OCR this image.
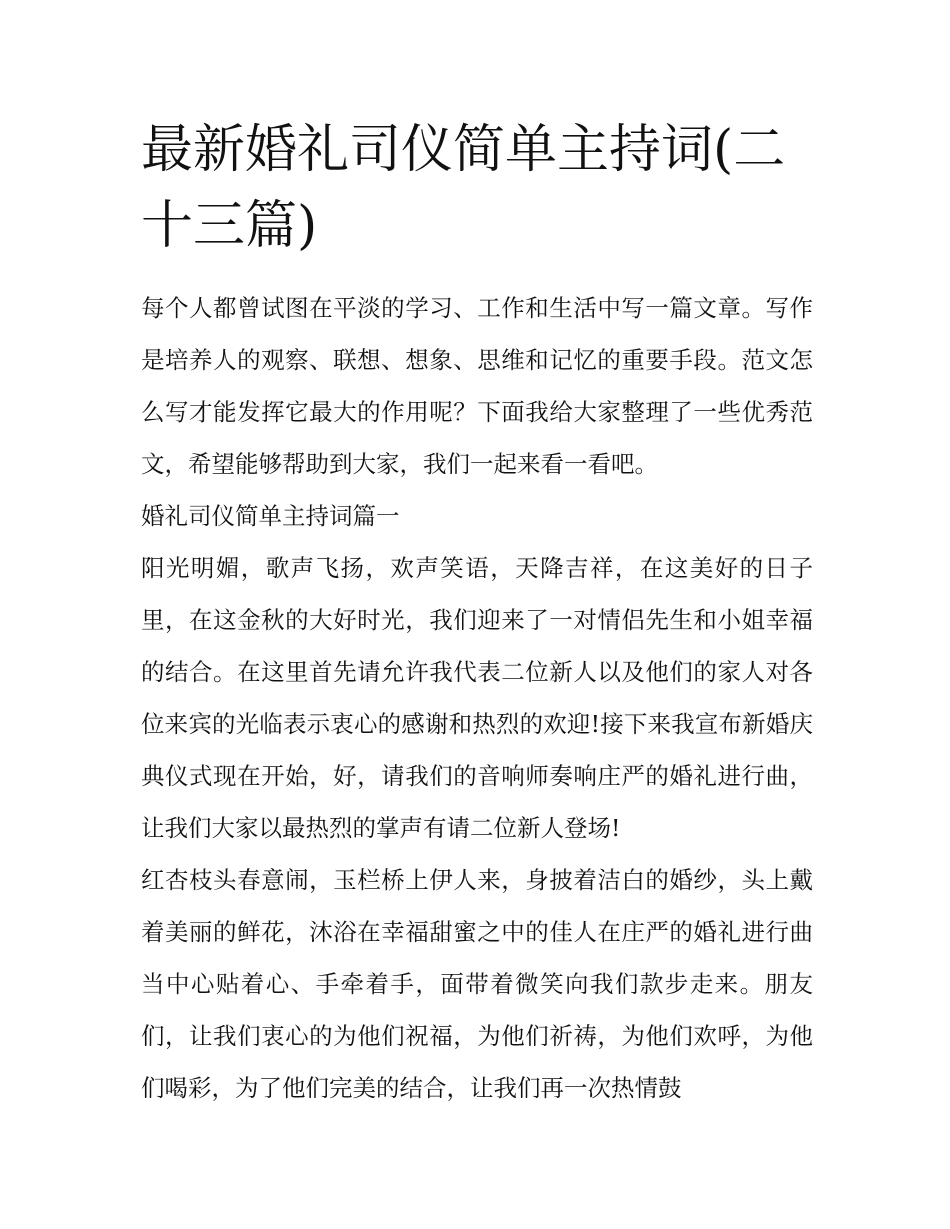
最新婚礼司仪简单主持词(二十三篇)

每个人都曾试图在平淡的学习、工作和生活中写一篇文章。写作是培养人的观察、联想、想象、思维和记忆的重要手段。范文怎么写才能发挥它最大的作用呢？下面我给大家整理了一些优秀范文，希望能够帮助到大家，我们一起来看一看吧。

婚礼司仪简单主持词篇一

阳光明媚，歌声飞扬，欢声笑语，天降吉祥，在这美好的日子里，在这金秋的大好时光，我们迎来了一对情侣先生和小姐幸福的结合。在这里首先请允许我代表二位新人以及他们的家人对各位来宾的光临表示衷心的感谢和热烈的欢迎!接下来我宣布新婚庆典仪式现在开始，好，请我们的音响师奏响庄严的婚礼进行曲，让我们大家以最热烈的掌声有请二位新人登场!

红杏枝头春意闹，玉栏桥上伊人来，身披着洁白的婚纱，头上戴着美丽的鲜花，沐浴在幸福甜蜜之中的佳人在庄严的婚礼进行曲当中心贴着心、手牵着手，面带着微笑向我们款步走来。朋友们，让我们衷心的为他们祝福，为他们祈祷，为他们欢呼，为他们喝彩，为了他们完美的结合，让我们再一次热情鼓
